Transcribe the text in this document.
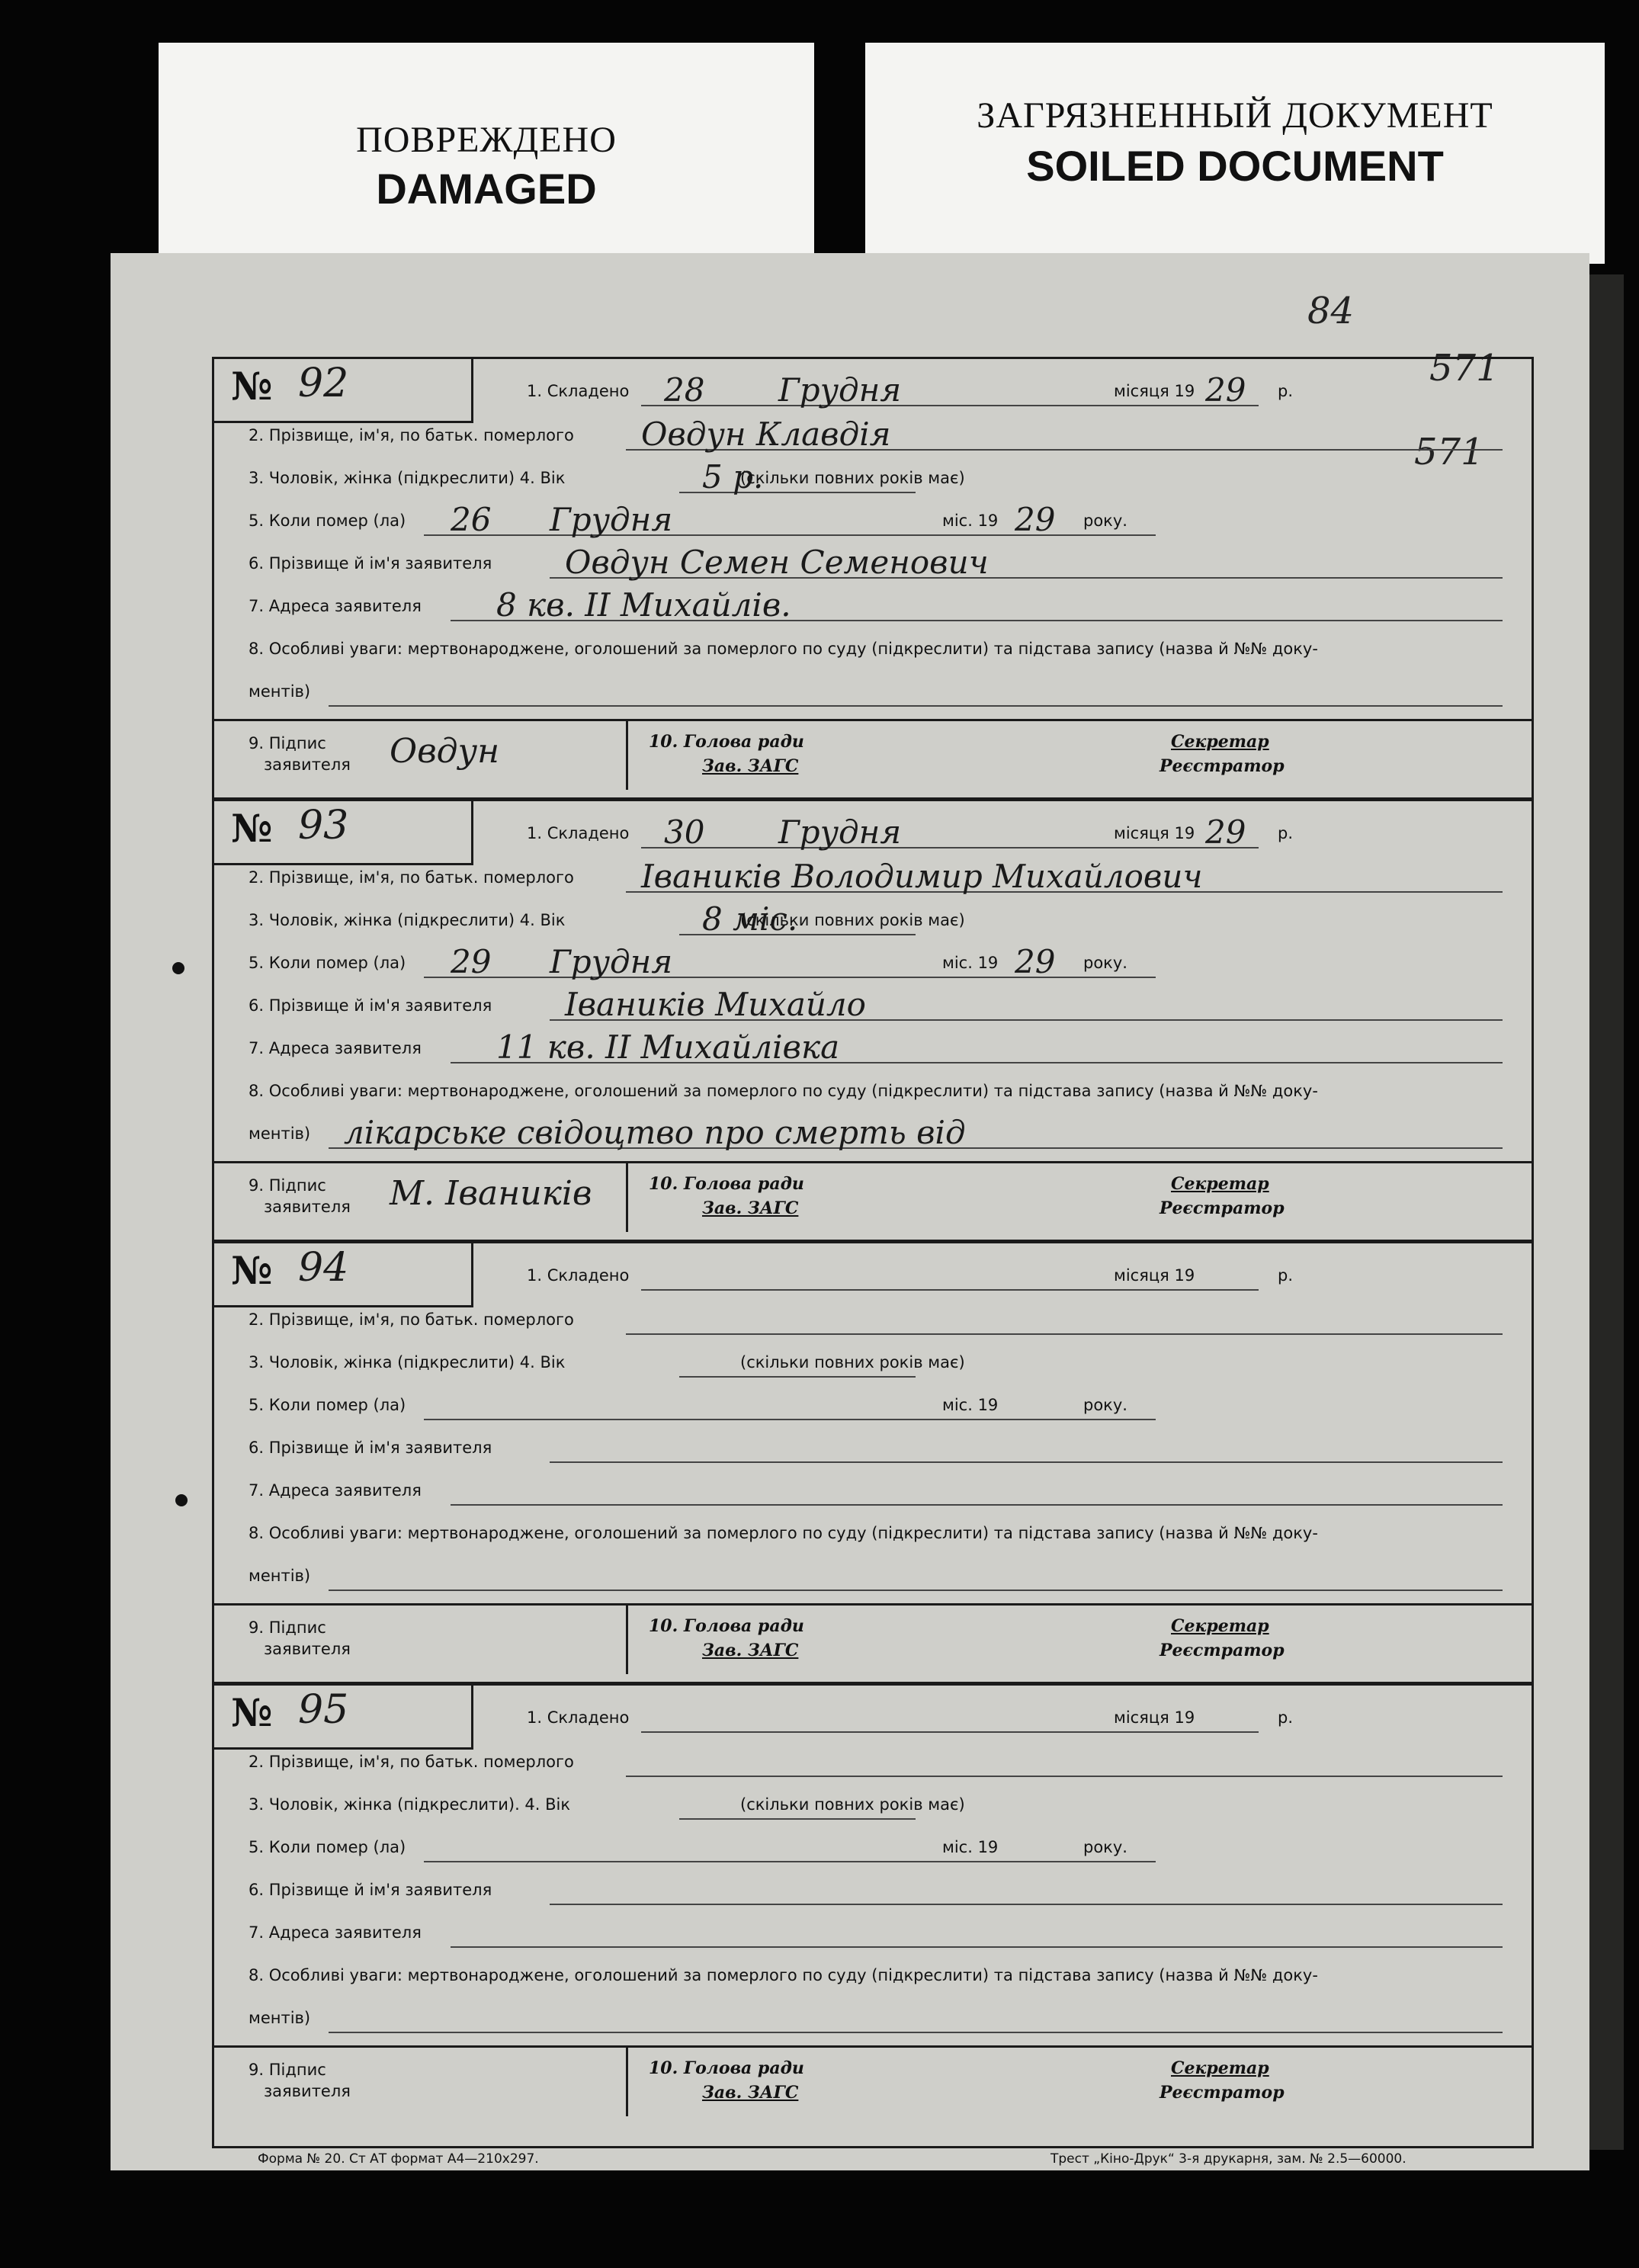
ПОВРЕЖДЕНО
DAMAGED
ЗАГРЯЗНЕННЫЙ ДОКУМЕНТ
SOILED DOCUMENT
84
571
571
№ 92	1. Складено 28 Грудня	місяця 19 29 р.
2. Прізвище, ім'я, по батьк. померлого Овдун Клавдія
3. Чоловік, жінка (підкреслити) 4. Вік	5 р.
(скільки повних років має)
5. Коли помер (ла) 26 Грудня	міс. 19 29 року.
6. Прізвище й ім'я заявителя Овдун Семен Семенович
7. Адреса заявителя 8 кв. II Михайлів.
8. Особливі уваги: мертвонароджене, оголошений за померлого по суду (підкреслити) та підстава запису (назва й №№ доку-
ментів)
9. Підпис
заявителя Овдун	10. Голова ради
Зав. ЗАГС
Секретар
Реєстратор
№ 93	1. Складено 30 Грудня	місяця 19 29 р.
2. Прізвище, ім'я, по батьк. померлого Іваників Володимир Михайлович
3. Чоловік, жінка (підкреслити) 4. Вік	8 міс.
(скільки повних років має)
5. Коли помер (ла) 29 Грудня	міс. 19 29 року.
6. Прізвище й ім'я заявителя Іваників Михайло
7. Адреса заявителя 11 кв. II Михайлівка
8. Особливі уваги: мертвонароджене, оголошений за померлого по суду (підкреслити) та підстава запису (назва й №№ доку-
ментів) лікарське свідоцтво про смерть від
9. Підпис
заявителя М. Іваників	10. Голова ради
Зав. ЗАГС
Секретар
Реєстратор
№ 94	1. Складено	місяця 19	р.
2. Прізвище, ім'я, по батьк. померлого
3. Чоловік, жінка (підкреслити) 4. Вік	(скільки повних років має)
5. Коли помер (ла)	міс. 19	року.
6. Прізвище й ім'я заявителя
7. Адреса заявителя
8. Особливі уваги: мертвонароджене, оголошений за померлого по суду (підкреслити) та підстава запису (назва й №№ доку-
ментів)
9. Підпис
заявителя
10. Голова ради
Зав. ЗАГС
Секретар
Реєстратор
№ 95	1. Складено	місяця 19	р.
2. Прізвище, ім'я, по батьк. померлого
3. Чоловік, жінка (підкреслити). 4. Вік	(скільки повних років має)
5. Коли помер (ла)	міс. 19	року.
6. Прізвище й ім'я заявителя
7. Адреса заявителя
8. Особливі уваги: мертвонароджене, оголошений за померлого по суду (підкреслити) та підстава запису (назва й №№ доку-
ментів)
9. Підпис
заявителя
10. Голова ради
Зав. ЗАГС
Секретар
Реєстратор
Форма № 20. Ст АТ формат А4—210х297.	Трест „Кіно-Друк“ 3-я друкарня, зам. № 2.5—60000.
